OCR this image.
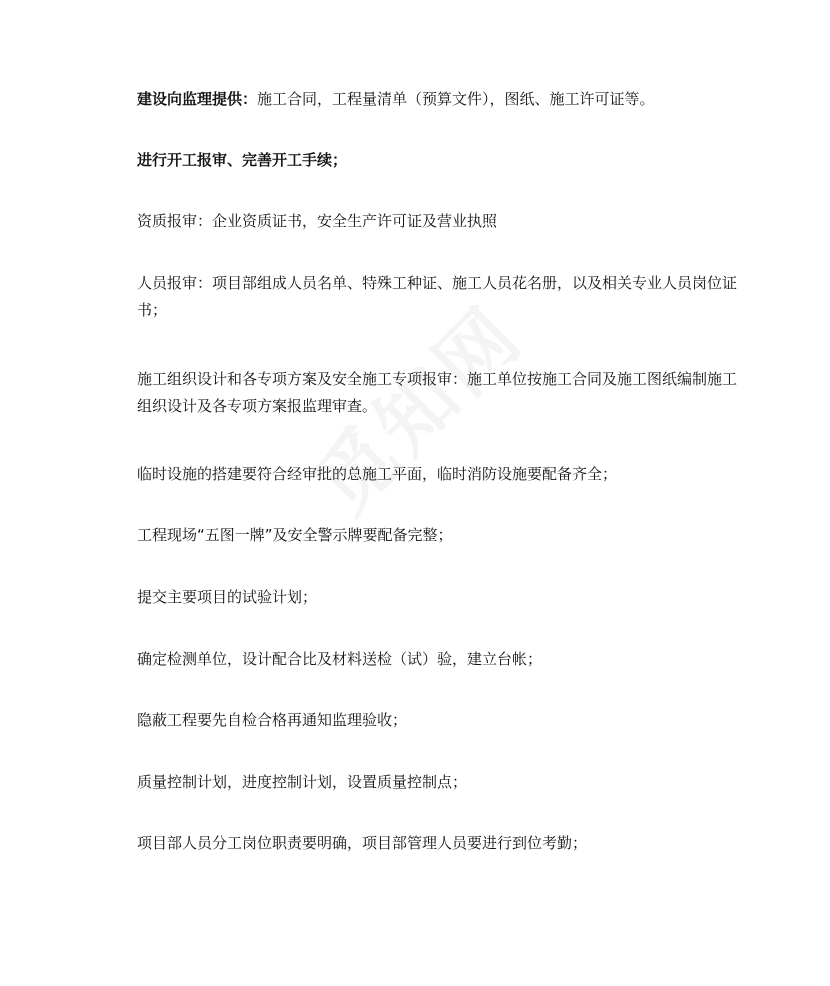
建设向监理提供：施工合同，工程量清单（预算文件），图纸、施工许可证等。

进行开工报审、完善开工手续；

资质报审：企业资质证书，安全生产许可证及营业执照

人员报审：项目部组成人员名单、特殊工种证、施工人员花名册，以及相关专业人员岗位证书；

施工组织设计和各专项方案及安全施工专项报审：施工单位按施工合同及施工图纸编制施工组织设计及各专项方案报监理审查。

临时设施的搭建要符合经审批的总施工平面，临时消防设施要配备齐全；

工程现场“五图一牌”及安全警示牌要配备完整；

提交主要项目的试验计划；

确定检测单位，设计配合比及材料送检（试）验，建立台帐；

隐蔽工程要先自检合格再通知监理验收；

质量控制计划，进度控制计划，设置质量控制点；

项目部人员分工岗位职责要明确，项目部管理人员要进行到位考勤；
